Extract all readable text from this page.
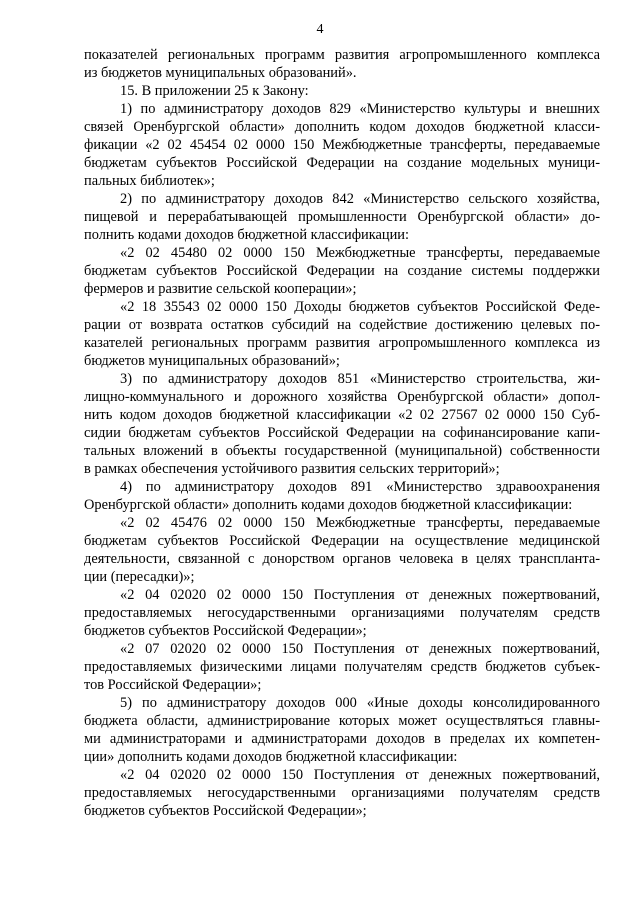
4
показателей региональных программ развития агропромышленного комплекса
из бюджетов муниципальных образований».
15. В приложении 25 к Закону:
1) по администратору доходов 829 «Министерство культуры и внешних
связей Оренбургской области» дополнить кодом доходов бюджетной класси-
фикации «2 02 45454 02 0000 150 Межбюджетные трансферты, передаваемые
бюджетам субъектов Российской Федерации на создание модельных муници-
пальных библиотек»;
2) по администратору доходов 842 «Министерство сельского хозяйства,
пищевой и перерабатывающей промышленности Оренбургской области» до-
полнить кодами доходов бюджетной классификации:
«2 02 45480 02 0000 150 Межбюджетные трансферты, передаваемые
бюджетам субъектов Российской Федерации на создание системы поддержки
фермеров и развитие сельской кооперации»;
«2 18 35543 02 0000 150 Доходы бюджетов субъектов Российской Феде-
рации от возврата остатков субсидий на содействие достижению целевых по-
казателей региональных программ развития агропромышленного комплекса из
бюджетов муниципальных образований»;
3) по администратору доходов 851 «Министерство строительства, жи-
лищно-коммунального и дорожного хозяйства Оренбургской области» допол-
нить кодом доходов бюджетной классификации «2 02 27567 02 0000 150 Суб-
сидии бюджетам субъектов Российской Федерации на софинансирование капи-
тальных вложений в объекты государственной (муниципальной) собственности
в рамках обеспечения устойчивого развития сельских территорий»;
4) по администратору доходов 891 «Министерство здравоохранения
Оренбургской области» дополнить кодами доходов бюджетной классификации:
«2 02 45476 02 0000 150 Межбюджетные трансферты, передаваемые
бюджетам субъектов Российской Федерации на осуществление медицинской
деятельности, связанной с донорством органов человека в целях транспланта-
ции (пересадки)»;
«2 04 02020 02 0000 150 Поступления от денежных пожертвований,
предоставляемых негосударственными организациями получателям средств
бюджетов субъектов Российской Федерации»;
«2 07 02020 02 0000 150 Поступления от денежных пожертвований,
предоставляемых физическими лицами получателям средств бюджетов субъек-
тов Российской Федерации»;
5) по администратору доходов 000 «Иные доходы консолидированного
бюджета области, администрирование которых может осуществляться главны-
ми администраторами и администраторами доходов в пределах их компетен-
ции» дополнить кодами доходов бюджетной классификации:
«2 04 02020 02 0000 150 Поступления от денежных пожертвований,
предоставляемых негосударственными организациями получателям средств
бюджетов субъектов Российской Федерации»;
